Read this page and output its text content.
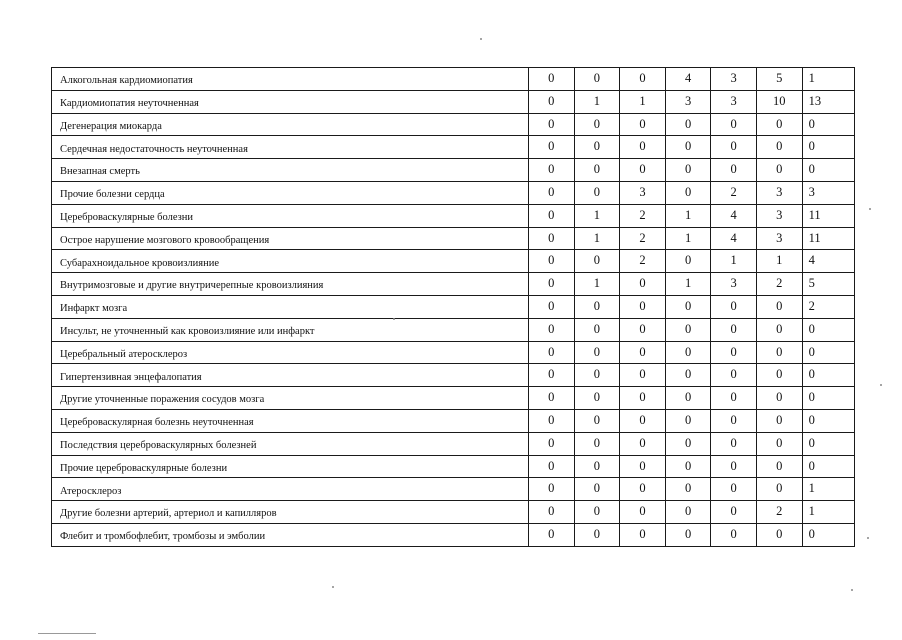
Алкогольная кардиомиопатия	0	0	0	4	3	5	1
Кардиомиопатия неуточненная	0	1	1	3	3	10	13
Дегенерация миокарда	0	0	0	0	0	0	0
Сердечная недостаточность неуточненная	0	0	0	0	0	0	0
Внезапная смерть	0	0	0	0	0	0	0
Прочие болезни сердца	0	0	3	0	2	3	3
Цереброваскулярные болезни	0	1	2	1	4	3	11
Острое нарушение мозгового кровообращения	0	1	2	1	4	3	11
Субарахноидальное кровоизлияние	0	0	2	0	1	1	4
Внутримозговые и другие внутричерепные кровоизлияния	0	1	0	1	3	2	5
Инфаркт мозга	0	0	0	0	0	0	2
Инсульт, не уточненный как кровоизлияние или инфаркт	0	0	0	0	0	0	0
Церебральный атеросклероз	0	0	0	0	0	0	0
Гипертензивная энцефалопатия	0	0	0	0	0	0	0
Другие уточненные поражения сосудов мозга	0	0	0	0	0	0	0
Цереброваскулярная болезнь неуточненная	0	0	0	0	0	0	0
Последствия цереброваскулярных болезней	0	0	0	0	0	0	0
Прочие цереброваскулярные болезни	0	0	0	0	0	0	0
Атеросклероз	0	0	0	0	0	0	1
Другие болезни артерий, артериол и капилляров	0	0	0	0	0	2	1
Флебит и тромбофлебит, тромбозы и эмболии	0	0	0	0	0	0	0
